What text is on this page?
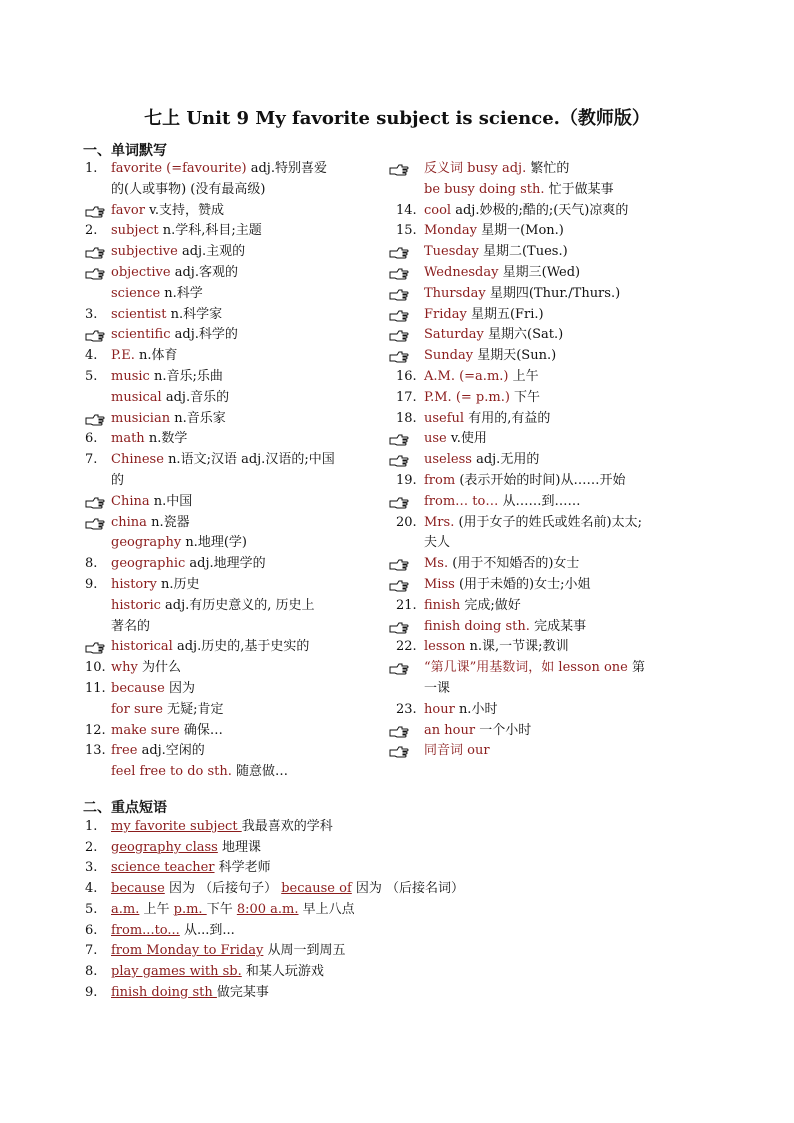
七上 Unit 9 My favorite subject is science.（教师版）
一、单词默写
二、重点短语
1. favorite (=favourite) adj.特别喜爱
的(人或事物) (没有最高级)
favor v.支持，赞成
2. subject n.学科,科目;主题
subjective adj.主观的
objective adj.客观的
science n.科学
3. scientist n.科学家
scientific adj.科学的
4. P.E. n.体育
5. music n.音乐;乐曲
musical adj.音乐的
musician n.音乐家
6. math n.数学
7. Chinese n.语文;汉语 adj.汉语的;中国
的
China n.中国
china n.瓷器
geography n.地理(学)
8. geographic adj.地理学的
9. history n.历史
historic adj.有历史意义的, 历史上
著名的
historical adj.历史的,基于史实的
10. why 为什么
11. because 因为
for sure 无疑;肯定
12. make sure 确保…
13. free adj.空闲的
feel free to do sth. 随意做…
反义词 busy adj. 繁忙的
be busy doing sth. 忙于做某事
14. cool adj.妙极的;酷的;(天气)凉爽的
15. Monday 星期一(Mon.)
Tuesday 星期二(Tues.)
Wednesday 星期三(Wed)
Thursday 星期四(Thur./Thurs.)
Friday 星期五(Fri.)
Saturday 星期六(Sat.)
Sunday 星期天(Sun.)
16. A.M. (=a.m.) 上午
17. P.M. (= p.m.) 下午
18. useful 有用的,有益的
use v.使用
useless adj.无用的
19. from (表示开始的时间)从……开始
from… to… 从……到……
20. Mrs. (用于女子的姓氏或姓名前)太太;
夫人
Ms. (用于不知婚否的)女士
Miss (用于未婚的)女士;小姐
21. finish 完成;做好
finish doing sth. 完成某事
22. lesson n.课,一节课;教训
“第几课”用基数词，如 lesson one 第
一课
23. hour n.小时
an hour 一个小时
同音词 our
1. my favorite subject 我最喜欢的学科
2. geography class 地理课
3. science teacher 科学老师
4. because 因为 （后接句子） because of 因为 （后接名词）
5. a.m. 上午 p.m. 下午 8:00 a.m. 早上八点
6. from...to... 从...到...
7. from Monday to Friday 从周一到周五
8. play games with sb. 和某人玩游戏
9. finish doing sth 做完某事
